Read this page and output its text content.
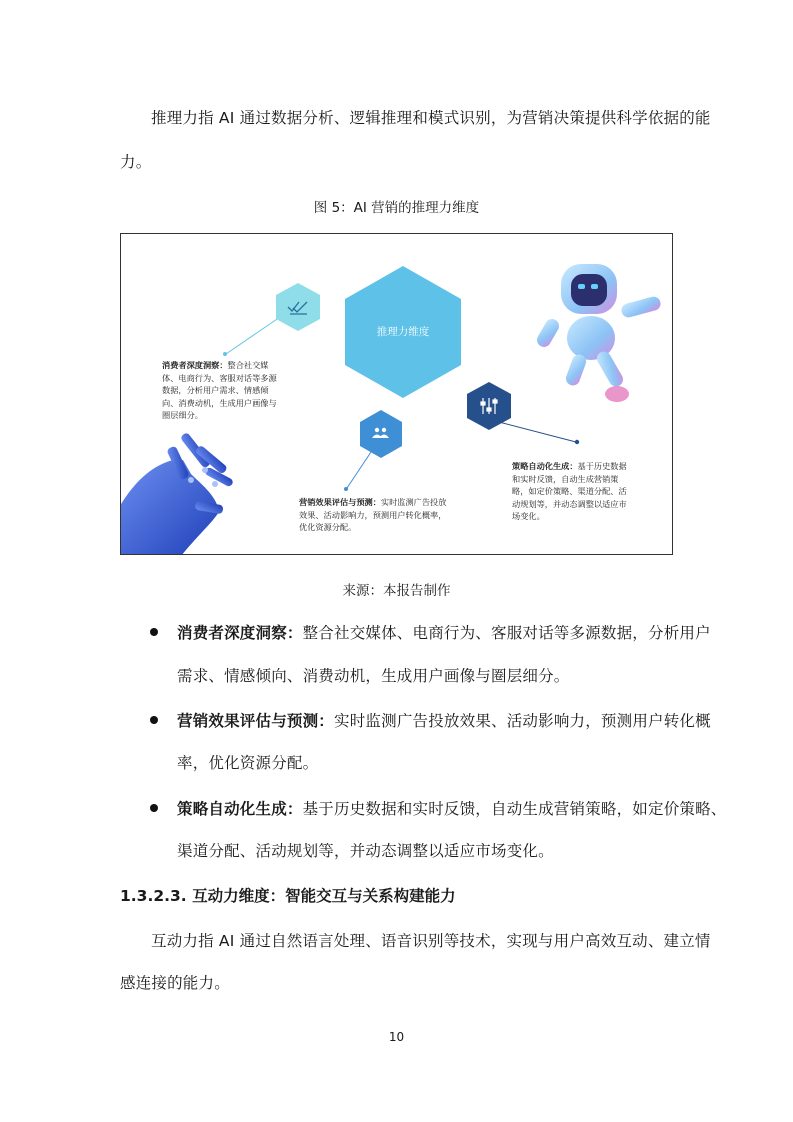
推理力指 AI 通过数据分析、逻辑推理和模式识别，为营销决策提供科学依据的能
力。
图 5：AI 营销的推理力维度
推理力维度
消费者深度洞察：整合社交媒体、电商行为、客服对话等多源数据，分析用户需求、情感倾向、消费动机，生成用户画像与圈层细分。
营销效果评估与预测：实时监测广告投放效果、活动影响力，预测用户转化概率，优化资源分配。
策略自动化生成：基于历史数据和实时反馈，自动生成营销策略，如定价策略、渠道分配、活动规划等，并动态调整以适应市场变化。
来源：本报告制作
消费者深度洞察：整合社交媒体、电商行为、客服对话等多源数据，分析用户
需求、情感倾向、消费动机，生成用户画像与圈层细分。
营销效果评估与预测：实时监测广告投放效果、活动影响力，预测用户转化概
率，优化资源分配。
策略自动化生成：基于历史数据和实时反馈，自动生成营销策略，如定价策略、
渠道分配、活动规划等，并动态调整以适应市场变化。
1.3.2.3. 互动力维度：智能交互与关系构建能力
互动力指 AI 通过自然语言处理、语音识别等技术，实现与用户高效互动、建立情
感连接的能力。
10
